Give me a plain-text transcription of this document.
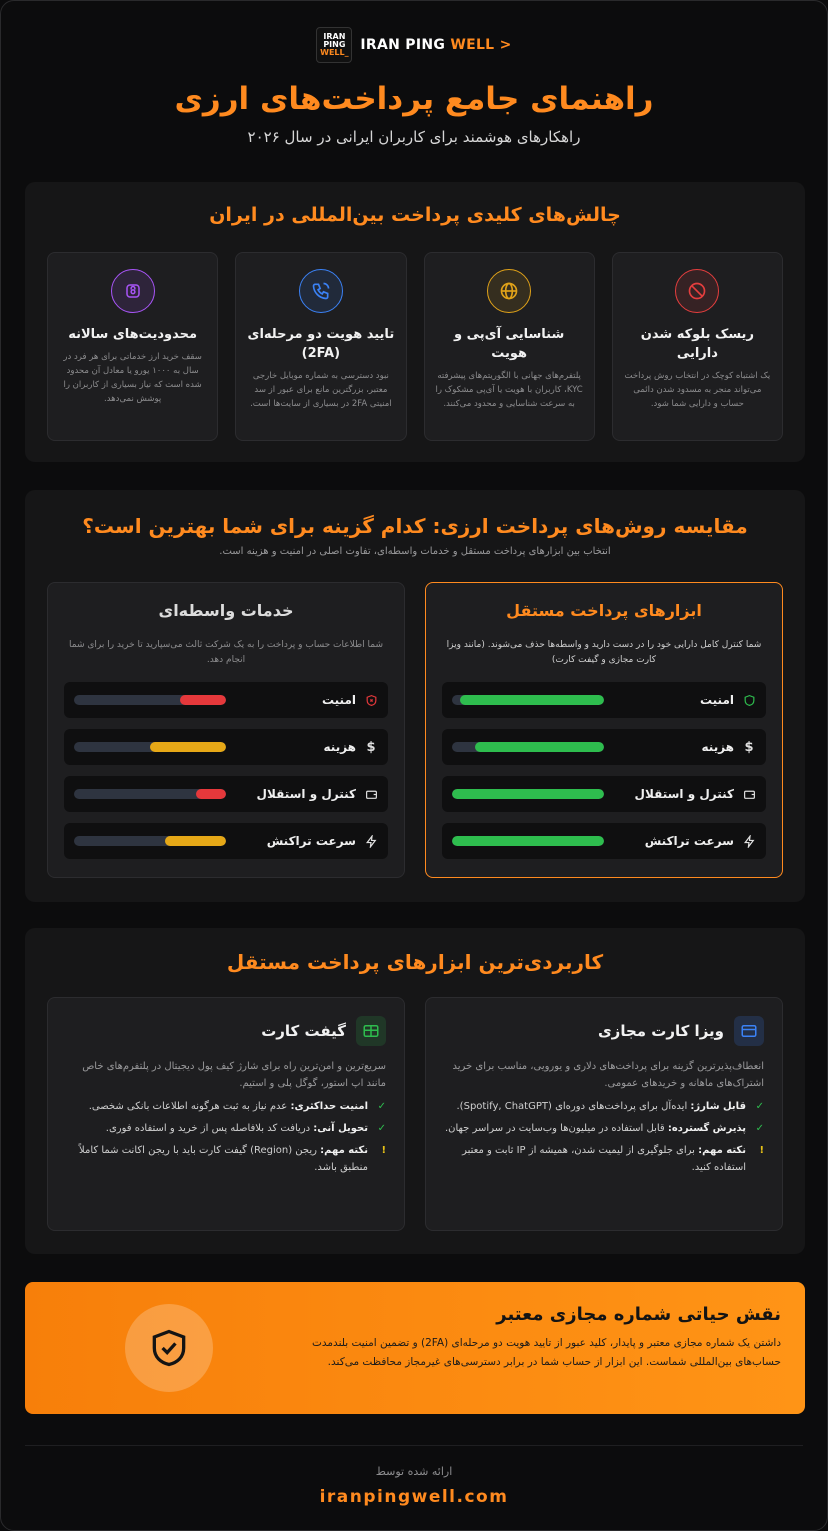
IRAN
PING
WELL_ IRAN PING WELL >
راهنمای جامع پرداخت‌های ارزی
راهکارهای هوشمند برای کاربران ایرانی در سال ۲۰۲۶
چالش‌های کلیدی پرداخت بین‌المللی در ایران
ریسک بلوکه شدن دارایی
یک اشتباه کوچک در انتخاب روش پرداخت می‌تواند منجر به مسدود شدن دائمی حساب و دارایی شما شود.
شناسایی آی‌پی و هویت
پلتفرم‌های جهانی با الگوریتم‌های پیشرفته KYC، کاربران با هویت یا آی‌پی مشکوک را به سرعت شناسایی و محدود می‌کنند.
تایید هویت دو مرحله‌ای (2FA)
نبود دسترسی به شماره موبایل خارجی معتبر، بزرگترین مانع برای عبور از سد امنیتی 2FA در بسیاری از سایت‌ها است.
محدودیت‌های سالانه
سقف خرید ارز خدماتی برای هر فرد در سال به ۱۰۰۰ یورو یا معادل آن محدود شده است که نیاز بسیاری از کاربران را پوشش نمی‌دهد.
مقایسه روش‌های پرداخت ارزی: کدام گزینه برای شما بهترین است؟
انتخاب بین ابزارهای پرداخت مستقل و خدمات واسطه‌ای، تفاوت اصلی در امنیت و هزینه است.
ابزارهای پرداخت مستقل
شما کنترل کامل دارایی خود را در دست دارید و واسطه‌ها حذف می‌شوند. (مانند ویزا کارت مجازی و گیفت کارت)
امنیت
$
هزینه
کنترل و استقلال
سرعت تراکنش
خدمات واسطه‌ای
شما اطلاعات حساب و پرداخت را به یک شرکت ثالث می‌سپارید تا خرید را برای شما انجام دهد.
امنیت
$
هزینه
کنترل و استقلال
سرعت تراکنش
کاربردی‌ترین ابزارهای پرداخت مستقل
ویزا کارت مجازی
انعطاف‌پذیرترین گزینه برای پرداخت‌های دلاری و یورویی، مناسب برای خرید اشتراک‌های ماهانه و خریدهای عمومی.
✓
قابل شارژ: ایده‌آل برای پرداخت‌های دوره‌ای (Spotify, ChatGPT).
✓
پذیرش گسترده: قابل استفاده در میلیون‌ها وب‌سایت در سراسر جهان.
!
نکته مهم: برای جلوگیری از لیمیت شدن، همیشه از IP ثابت و معتبر استفاده کنید.
گیفت کارت
سریع‌ترین و امن‌ترین راه برای شارژ کیف پول دیجیتال در پلتفرم‌های خاص مانند اپ استور، گوگل پلی و استیم.
✓
امنیت حداکثری: عدم نیاز به ثبت هرگونه اطلاعات بانکی شخصی.
✓
تحویل آنی: دریافت کد بلافاصله پس از خرید و استفاده فوری.
!
نکته مهم: ریجن (Region) گیفت کارت باید با ریجن اکانت شما کاملاً منطبق باشد.
نقش حیاتی شماره مجازی معتبر
داشتن یک شماره مجازی معتبر و پایدار، کلید عبور از تایید هویت دو مرحله‌ای (2FA) و تضمین امنیت بلندمدت حساب‌های بین‌المللی شماست. این ابزار از حساب شما در برابر دسترسی‌های غیرمجاز محافظت می‌کند.
ارائه شده توسط
iranpingwell.com
